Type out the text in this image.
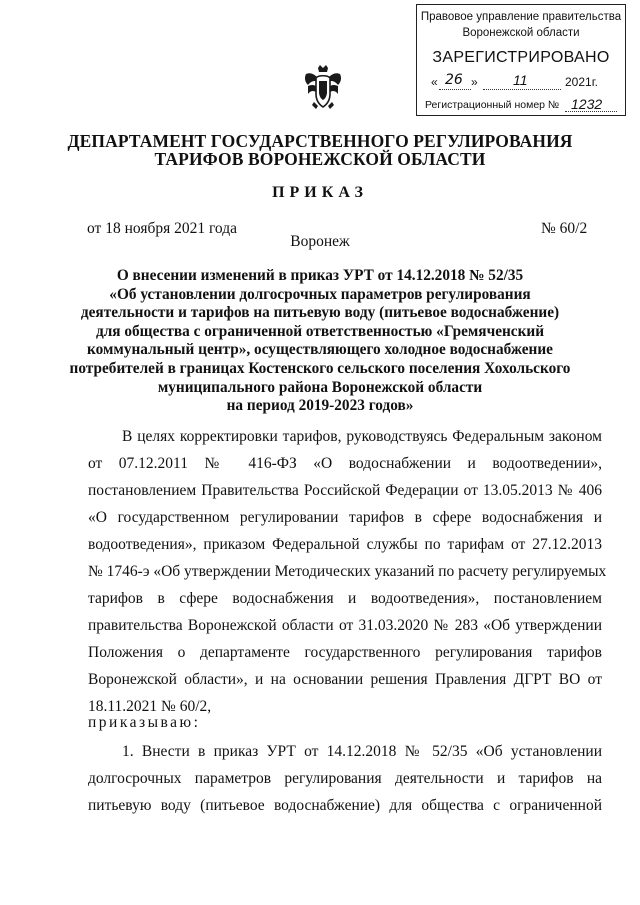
Правовое управление правительства
Воронежской области
ЗАРЕГИСТРИРОВАНО
« 26 »	11	2021г.
Регистрационный номер № 1232
ДЕПАРТАМЕНТ ГОСУДАРСТВЕННОГО РЕГУЛИРОВАНИЯ
ТАРИФОВ ВОРОНЕЖСКОЙ ОБЛАСТИ
ПРИКАЗ
от 18 ноября 2021 года	№ 60/2
Воронеж
О внесении изменений в приказ УРТ от 14.12.2018 № 52/35
«Об установлении долгосрочных параметров регулирования
деятельности и тарифов на питьевую воду (питьевое водоснабжение)
для общества с ограниченной ответственностью «Гремяченский
коммунальный центр», осуществляющего холодное водоснабжение
потребителей в границах Костенского сельского поселения Хохольского
муниципального района Воронежской области
на период 2019-2023 годов»
В целях корректировки тарифов, руководствуясь Федеральным законом
от 07.12.2011 № 416-ФЗ «О водоснабжении и водоотведении»,
постановлением Правительства Российской Федерации от 13.05.2013 № 406
«О государственном регулировании тарифов в сфере водоснабжения и
водоотведения», приказом Федеральной службы по тарифам от 27.12.2013
№ 1746-э «Об утверждении Методических указаний по расчету регулируемых
тарифов в сфере водоснабжения и водоотведения», постановлением
правительства Воронежской области от 31.03.2020 № 283 «Об утверждении
Положения о департаменте государственного регулирования тарифов
Воронежской области», и на основании решения Правления ДГРТ ВО от
18.11.2021 № 60/2,
приказываю:
1. Внести в приказ УРТ от 14.12.2018 № 52/35 «Об установлении
долгосрочных параметров регулирования деятельности и тарифов на
питьевую воду (питьевое водоснабжение) для общества с ограниченной
